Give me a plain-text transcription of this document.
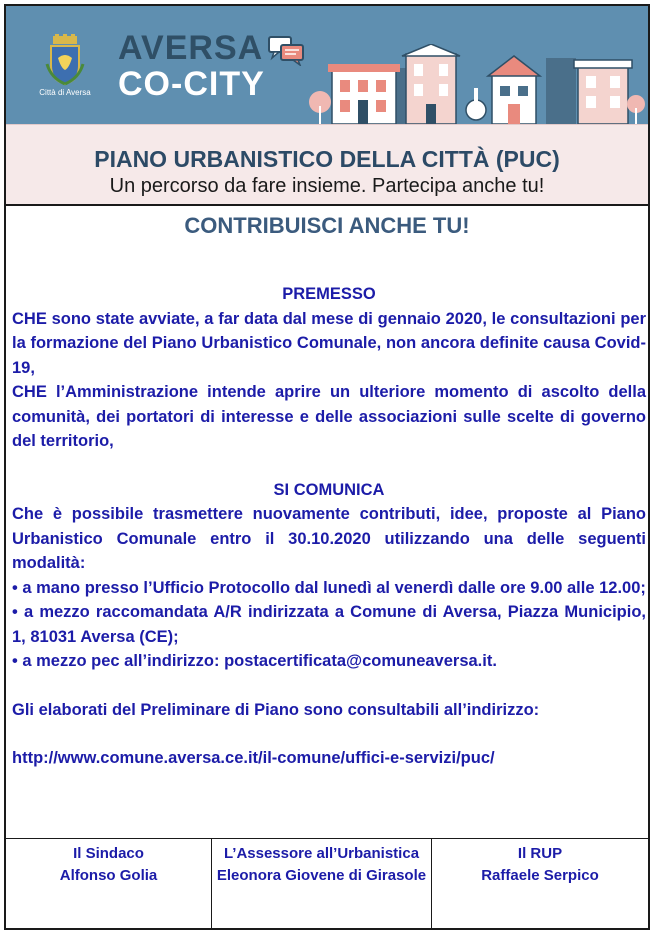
Città di Aversa
AVERSA
CO-CITY
PIANO URBANISTICO DELLA CITTÀ (PUC)
Un percorso da fare insieme. Partecipa anche tu!
CONTRIBUISCI ANCHE TU!

PREMESSO

CHE sono state avviate, a far data dal mese di gennaio 2020, le consultazioni per la formazione del Piano Urbanistico Comunale, non ancora definite causa Covid-19,

CHE l’Amministrazione intende aprire un ulteriore momento di ascolto della comunità, dei portatori di interesse e delle associazioni sulle scelte di governo del territorio,

SI COMUNICA

Che è possibile trasmettere nuovamente contributi, idee, proposte al Piano Urbanistico Comunale entro il 30.10.2020 utilizzando una delle seguenti modalità:

• a mano presso l’Ufficio Protocollo dal lunedì al venerdì dalle ore 9.00 alle 12.00;

• a mezzo raccomandata A/R indirizzata a Comune di Aversa, Piazza Municipio, 1, 81031 Aversa (CE);

• a mezzo pec all’indirizzo: postacertificata@comuneaversa.it.

Gli elaborati del Preliminare di Piano sono consultabili all’indirizzo:

http://www.comune.aversa.ce.it/il-comune/uffici-e-servizi/puc/

Il Sindaco
Alfonso Golia
L’Assessore all’Urbanistica
Eleonora Giovene di Girasole
Il RUP
Raffaele Serpico
